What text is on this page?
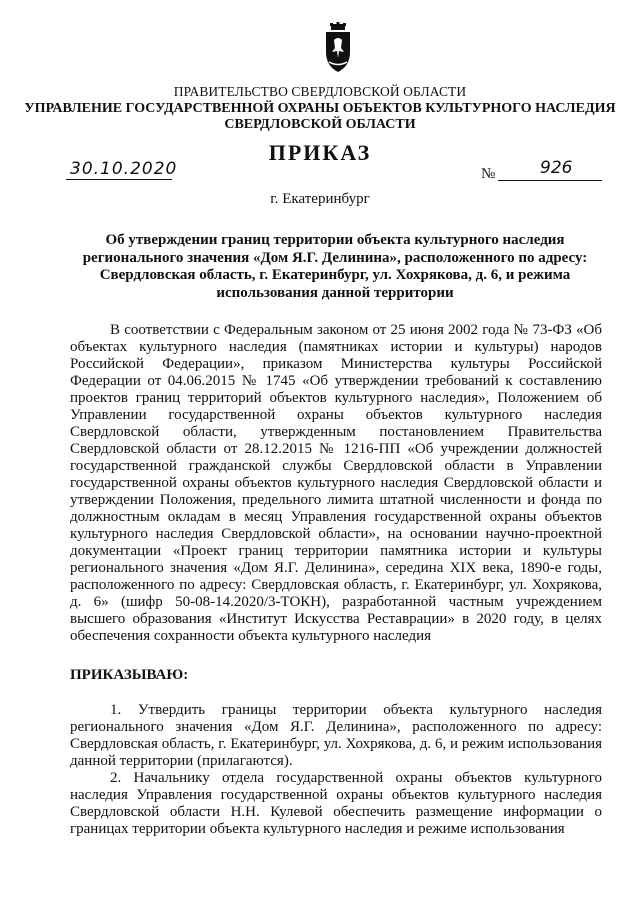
ПРАВИТЕЛЬСТВО СВЕРДЛОВСКОЙ ОБЛАСТИ
УПРАВЛЕНИЕ ГОСУДАРСТВЕННОЙ ОХРАНЫ ОБЪЕКТОВ КУЛЬТУРНОГО НАСЛЕДИЯ
СВЕРДЛОВСКОЙ ОБЛАСТИ
ПРИКАЗ
30.10.2020	№	926
г. Екатеринбург
Об утверждении границ территории объекта культурного наследия регионального значения «Дом Я.Г. Делинина», расположенного по адресу: Свердловская область, г. Екатеринбург, ул. Хохрякова, д. 6, и режима использования данной территории
В соответствии с Федеральным законом от 25 июня 2002 года № 73-ФЗ «Об объектах культурного наследия (памятниках истории и культуры) народов Российской Федерации», приказом Министерства культуры Российской Федерации от 04.06.2015 № 1745 «Об утверждении требований к составлению проектов границ территорий объектов культурного наследия», Положением об Управлении государственной охраны объектов культурного наследия Свердловской области, утвержденным постановлением Правительства Свердловской области от 28.12.2015 № 1216-ПП «Об учреждении должностей государственной гражданской службы Свердловской области в Управлении государственной охраны объектов культурного наследия Свердловской области и утверждении Положения, предельного лимита штатной численности и фонда по должностным окладам в месяц Управления государственной охраны объектов культурного наследия Свердловской области», на основании научно-проектной документации «Проект границ территории памятника истории и культуры регионального значения «Дом Я.Г. Делинина», середина XIX века, 1890-е годы, расположенного по адресу: Свердловская область, г. Екатеринбург, ул. Хохрякова, д. 6» (шифр 50-08-14.2020/3-ТОКН), разработанной частным учреждением высшего образования «Институт Искусства Реставрации» в 2020 году, в целях обеспечения сохранности объекта культурного наследия
ПРИКАЗЫВАЮ:
1. Утвердить границы территории объекта культурного наследия регионального значения «Дом Я.Г. Делинина», расположенного по адресу: Свердловская область, г. Екатеринбург, ул. Хохрякова, д. 6, и режим использования данной территории (прилагаются).
2. Начальнику отдела государственной охраны объектов культурного наследия Управления государственной охраны объектов культурного наследия Свердловской области Н.Н. Кулевой обеспечить размещение информации о границах территории объекта культурного наследия и режиме использования
